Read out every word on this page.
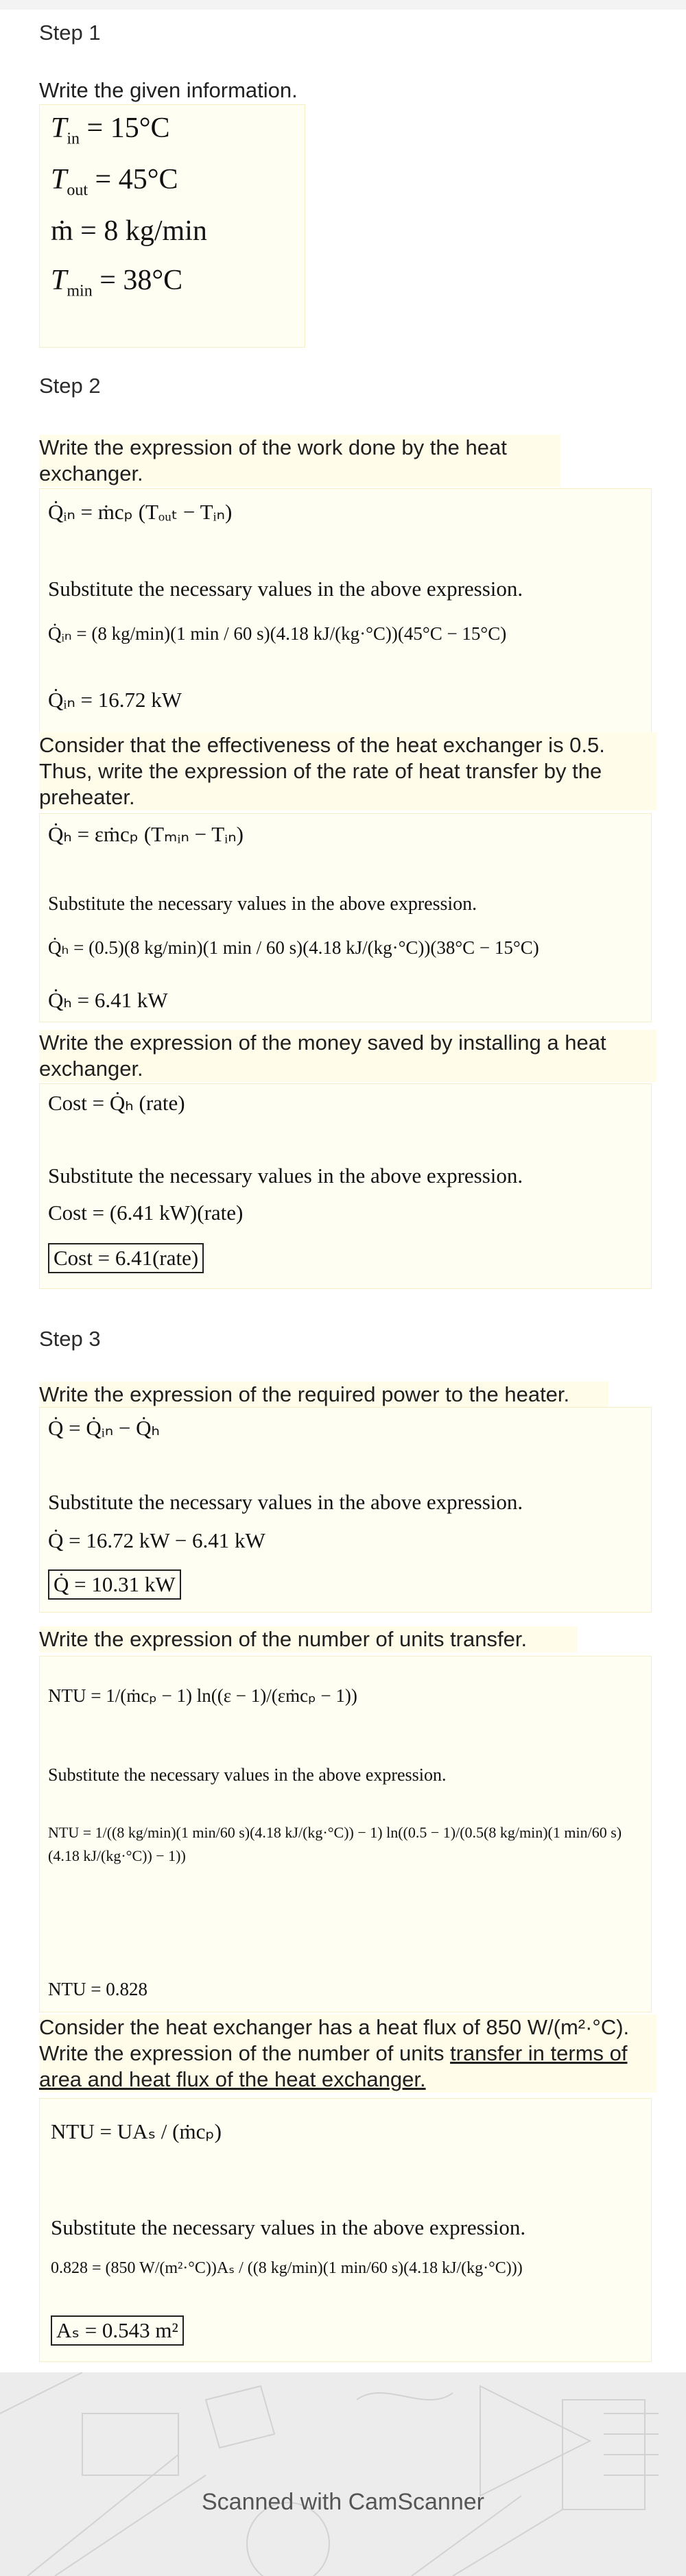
Step 1
Write the given information.
$T_{in} = 15^\circ C$
$T_{out} = 45^\circ C$
ṁ = 8 kg/min
$T_{min} = 38^\circ C$
Step 2
Write the expression of the work done by the heat exchanger.
Q̇ᵢₙ = ṁcₚ (Tₒᵤₜ − Tᵢₙ)
Substitute the necessary values in the above expression.
Q̇ᵢₙ = (8 kg/min)(1 min / 60 s)(4.18 kJ/(kg·°C))(45°C − 15°C)
Q̇ᵢₙ = 16.72 kW
Consider that the effectiveness of the heat exchanger is 0.5. Thus, write the expression of the rate of heat transfer by the preheater.
Q̇ₕ = εṁcₚ (Tₘᵢₙ − Tᵢₙ)
Substitute the necessary values in the above expression.
Q̇ₕ = (0.5)(8 kg/min)(1 min / 60 s)(4.18 kJ/(kg·°C))(38°C − 15°C)
Q̇ₕ = 6.41 kW
Write the expression of the money saved by installing a heat exchanger.
Cost = Q̇ₕ (rate)
Substitute the necessary values in the above expression.
Cost = (6.41 kW)(rate)
Cost = 6.41(rate)
Step 3
Write the expression of the required power to the heater.
Q̇ = Q̇ᵢₙ − Q̇ₕ
Substitute the necessary values in the above expression.
Q̇ = 16.72 kW − 6.41 kW
Q̇ = 10.31 kW
Write the expression of the number of units transfer.
NTU = 1/(ṁcₚ − 1) ln((ε − 1)/(εṁcₚ − 1))
Substitute the necessary values in the above expression.
NTU = 1/((8 kg/min)(1 min/60 s)(4.18 kJ/(kg·°C)) − 1) ln((0.5 − 1)/(0.5(8 kg/min)(1 min/60 s)(4.18 kJ/(kg·°C)) − 1))
NTU = 0.828
Consider the heat exchanger has a heat flux of 850 W/(m²·°C). Write the expression of the number of units transfer in terms of area and heat flux of the heat exchanger.
NTU = UAₛ / (ṁcₚ)
Substitute the necessary values in the above expression.
0.828 = (850 W/(m²·°C))Aₛ / ((8 kg/min)(1 min/60 s)(4.18 kJ/(kg·°C)))
Aₛ = 0.543 m²
Scanned with CamScanner
